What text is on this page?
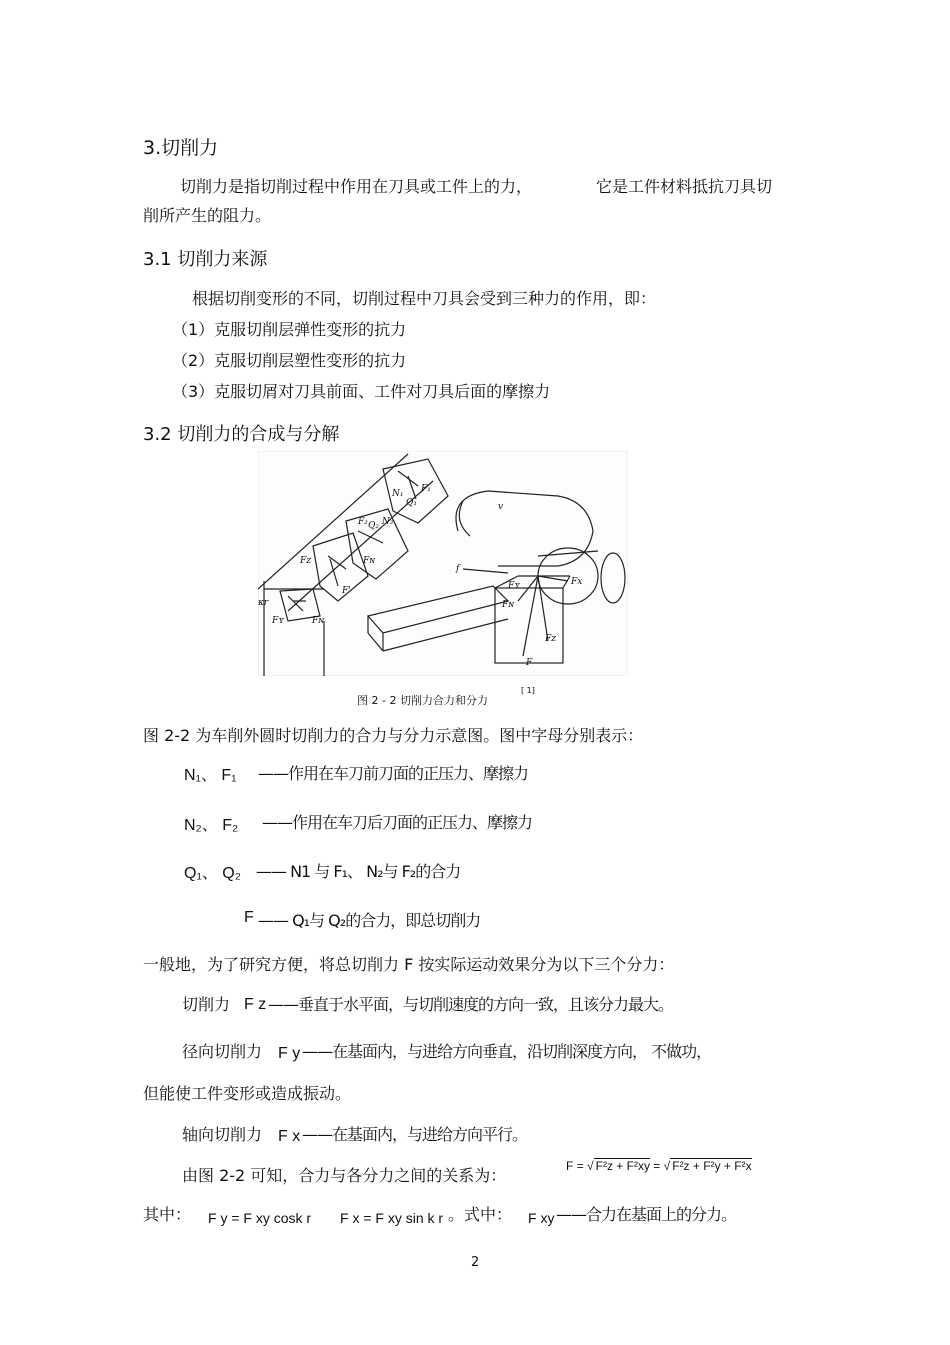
3.切削力
切削力是指切削过程中作用在刀具或工件上的力，	它是工件材料抵抗刀具切
削所产生的阻力。
3.1 切削力来源
根据切削变形的不同，切削过程中刀具会受到三种力的作用，即：
（1）克服切削层弹性变形的抗力
（2）克服切削层塑性变形的抗力
（3）克服切屑对刀具前面、工件对刀具后面的摩擦力
3.2 切削力的合成与分解
N₁ F₁
Q₁
F₂ Q₂ N₂
Fᴢ	Fɴ
F'
κr
Fʏ	Fɴ
f
v
Fx
Fʏ
Fɴ
Fᴢ
F
图 2 - 2 切削力合力和分力
[ 1]
图 2-2 为车削外圆时切削力的合力与分力示意图。图中字母分别表示：
N₁、 F₁ ——作用在车刀前刀面的正压力、摩擦力
N₂、 F₂ ——作用在车刀后刀面的正压力、摩擦力
Q₁、 Q₂ —— N1 与 F₁、 N₂与 F₂的合力
F —— Q₁与 Q₂的合力，即总切削力
一般地，为了研究方便，将总切削力 F 按实际运动效果分为以下三个分力：
切削力 F z ——垂直于水平面，与切削速度的方向一致，且该分力最大。
径向切削力 F y ——在基面内，与进给方向垂直，沿切削深度方向， 不做功，
但能使工件变形或造成振动。
轴向切削力 F x ——在基面内，与进给方向平行。
由图 2-2 可知，合力与各分力之间的关系为：	F = √ F²z + F²xy = √ F²z + F²y + F²x
其中： F y = F xy cosk r F x = F xy sin k r 。式中： F xy ——合力在基面上的分力。
2
